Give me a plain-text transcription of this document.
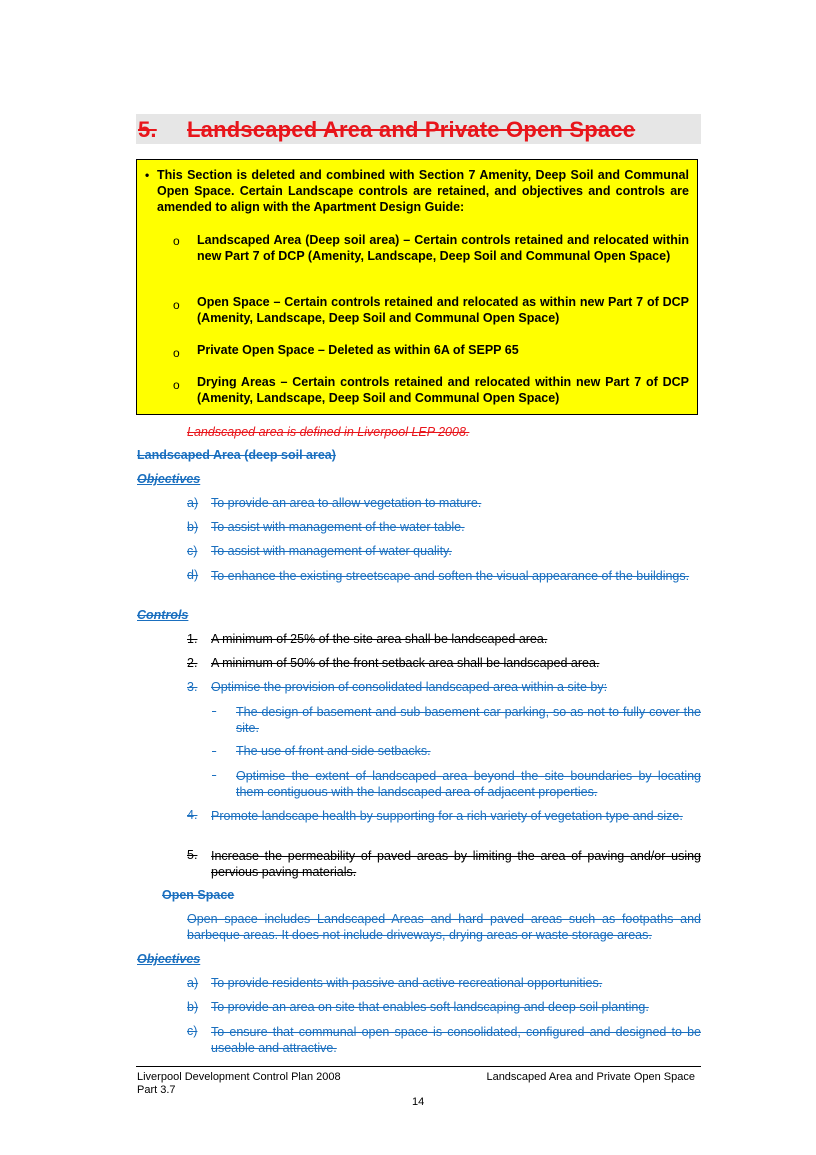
5. Landscaped Area and Private Open Space
• This Section is deleted and combined with Section 7 Amenity, Deep Soil and Communal Open Space. Certain Landscape controls are retained, and objectives and controls are amended to align with the Apartment Design Guide:
o Landscaped Area (Deep soil area) – Certain controls retained and relocated within new Part 7 of DCP (Amenity, Landscape, Deep Soil and Communal Open Space)
o Open Space – Certain controls retained and relocated as within new Part 7 of DCP (Amenity, Landscape, Deep Soil and Communal Open Space)
o Private Open Space – Deleted as within 6A of SEPP 65
o Drying Areas – Certain controls retained and relocated within new Part 7 of DCP (Amenity, Landscape, Deep Soil and Communal Open Space)
Landscaped area is defined in Liverpool LEP 2008.
Landscaped Area (deep soil area)
Objectives
a) To provide an area to allow vegetation to mature.
b) To assist with management of the water table.
c) To assist with management of water quality.
d) To enhance the existing streetscape and soften the visual appearance of the buildings.
Controls
1. A minimum of 25% of the site area shall be landscaped area.
2. A minimum of 50% of the front setback area shall be landscaped area.
3. Optimise the provision of consolidated landscaped area within a site by:
- The design of basement and sub-basement car parking, so as not to fully cover the site.
- The use of front and side setbacks.
- Optimise the extent of landscaped area beyond the site boundaries by locating them contiguous with the landscaped area of adjacent properties.
4. Promote landscape health by supporting for a rich variety of vegetation type and size.
5. Increase the permeability of paved areas by limiting the area of paving and/or using pervious paving materials.
Open Space
Open space includes Landscaped Areas and hard paved areas such as footpaths and barbeque areas. It does not include driveways, drying areas or waste storage areas.
Objectives
a) To provide residents with passive and active recreational opportunities.
b) To provide an area on site that enables soft landscaping and deep soil planting.
c) To ensure that communal open space is consolidated, configured and designed to be useable and attractive.
Liverpool Development Control Plan 2008
Part 3.7
Landscaped Area and Private Open Space
14
